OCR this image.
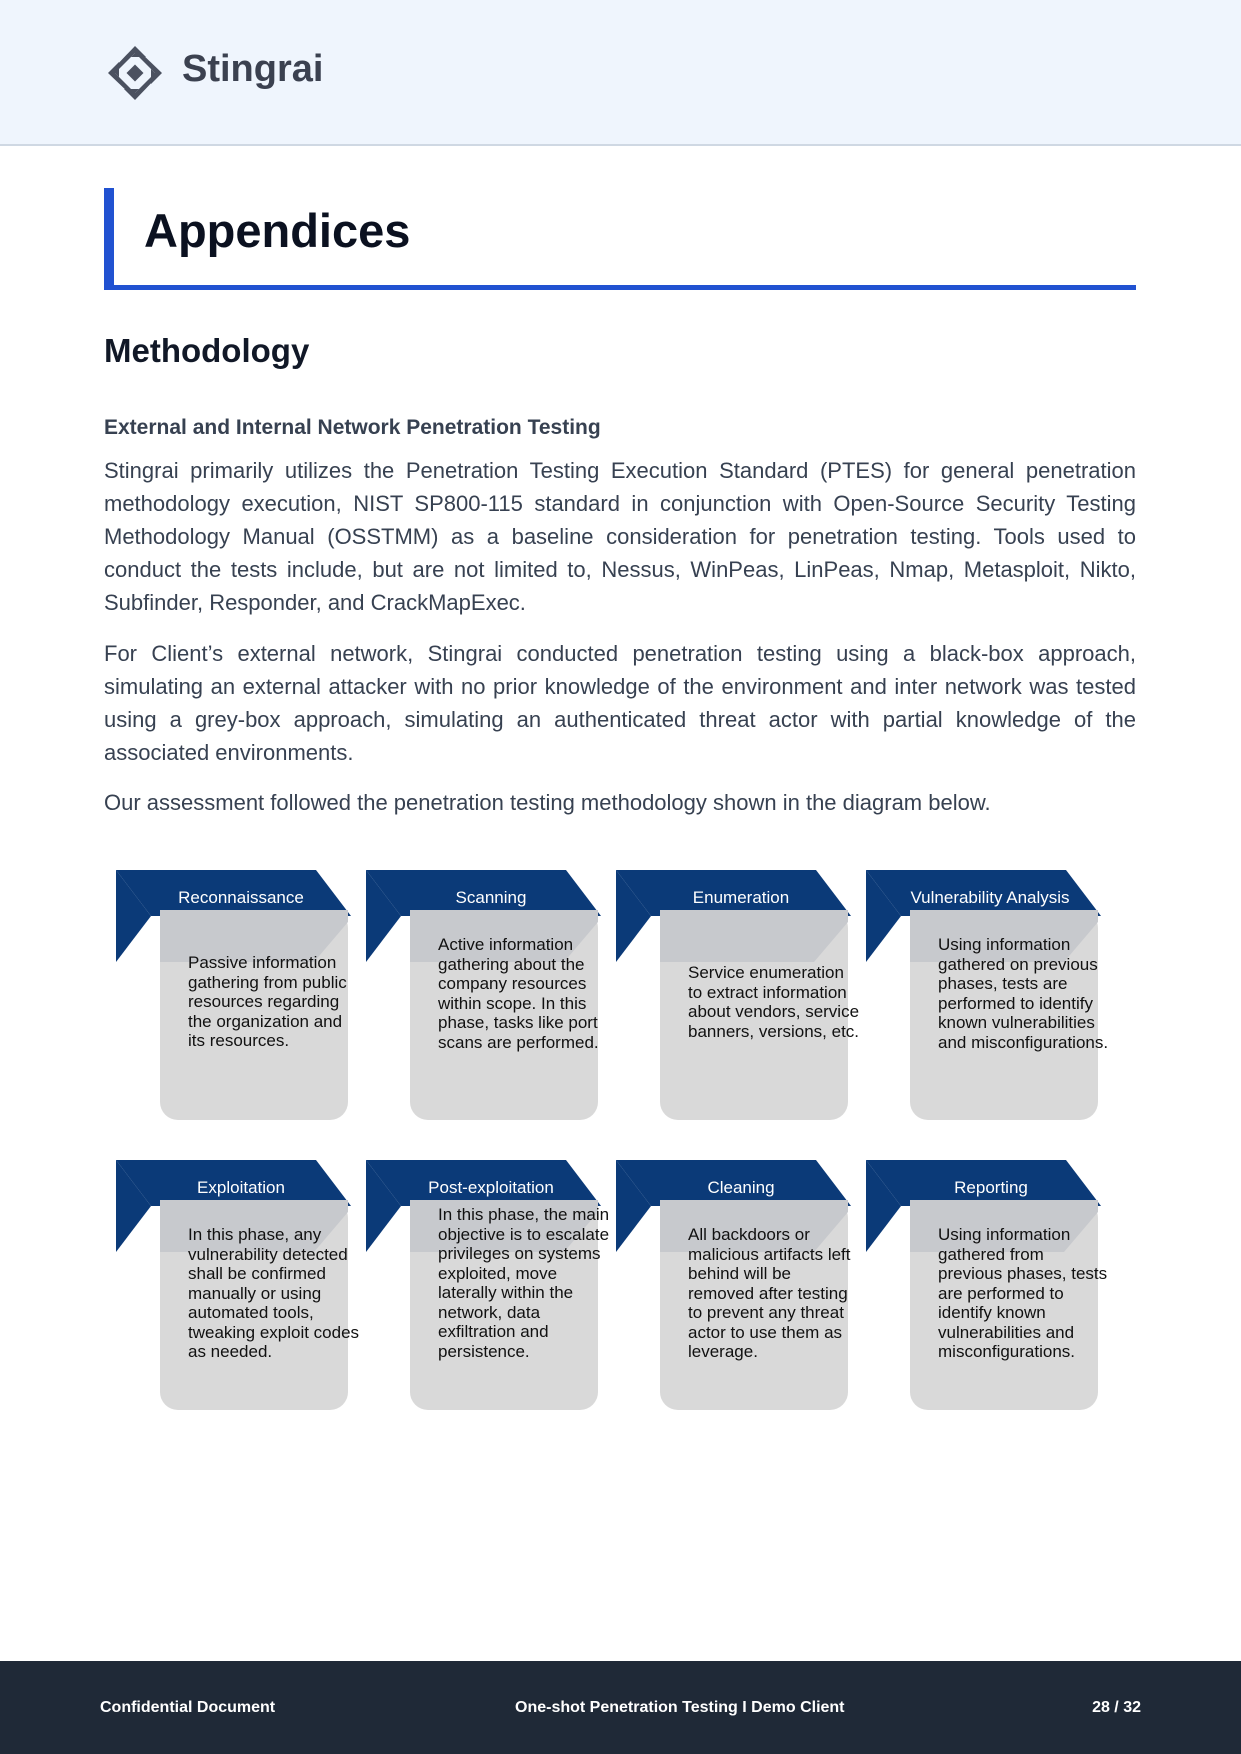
Stingrai
Appendices
Methodology
External and Internal Network Penetration Testing

Stingrai primarily utilizes the Penetration Testing Execution Standard (PTES) for general penetration methodology execution, NIST SP800-115 standard in conjunction with Open-Source Security Testing Methodology Manual (OSSTMM) as a baseline consideration for penetration testing. Tools used to conduct the tests include, but are not limited to, Nessus, WinPeas, LinPeas, Nmap, Metasploit, Nikto, Subfinder, Responder, and CrackMapExec.

For Client’s external network, Stingrai conducted penetration testing using a black-box approach, simulating an external attacker with no prior knowledge of the environment and inter network was tested using a grey-box approach, simulating an authenticated threat actor with partial knowledge of the associated environments.

Our assessment followed the penetration testing methodology shown in the diagram below.

Reconnaissance
Passive information gathering from public resources regarding the organization and its resources.
Scanning
Active information gathering about the company resources within scope. In this phase, tasks like port scans are performed.
Enumeration
Service enumeration to extract information about vendors, service banners, versions, etc.
Vulnerability Analysis
Using information gathered on previous phases, tests are performed to identify known vulnerabilities and misconfigurations.
Exploitation
In this phase, any vulnerability detected shall be confirmed manually or using automated tools, tweaking exploit codes as needed.
Post-exploitation
In this phase, the main objective is to escalate privileges on systems exploited, move laterally within the network, data exfiltration and persistence.
Cleaning
All backdoors or malicious artifacts left behind will be removed after testing to prevent any threat actor to use them as leverage.
Reporting
Using information gathered from previous phases, tests are performed to identify known vulnerabilities and misconfigurations.
Confidential Document	One-shot Penetration Testing I Demo Client	28 / 32
